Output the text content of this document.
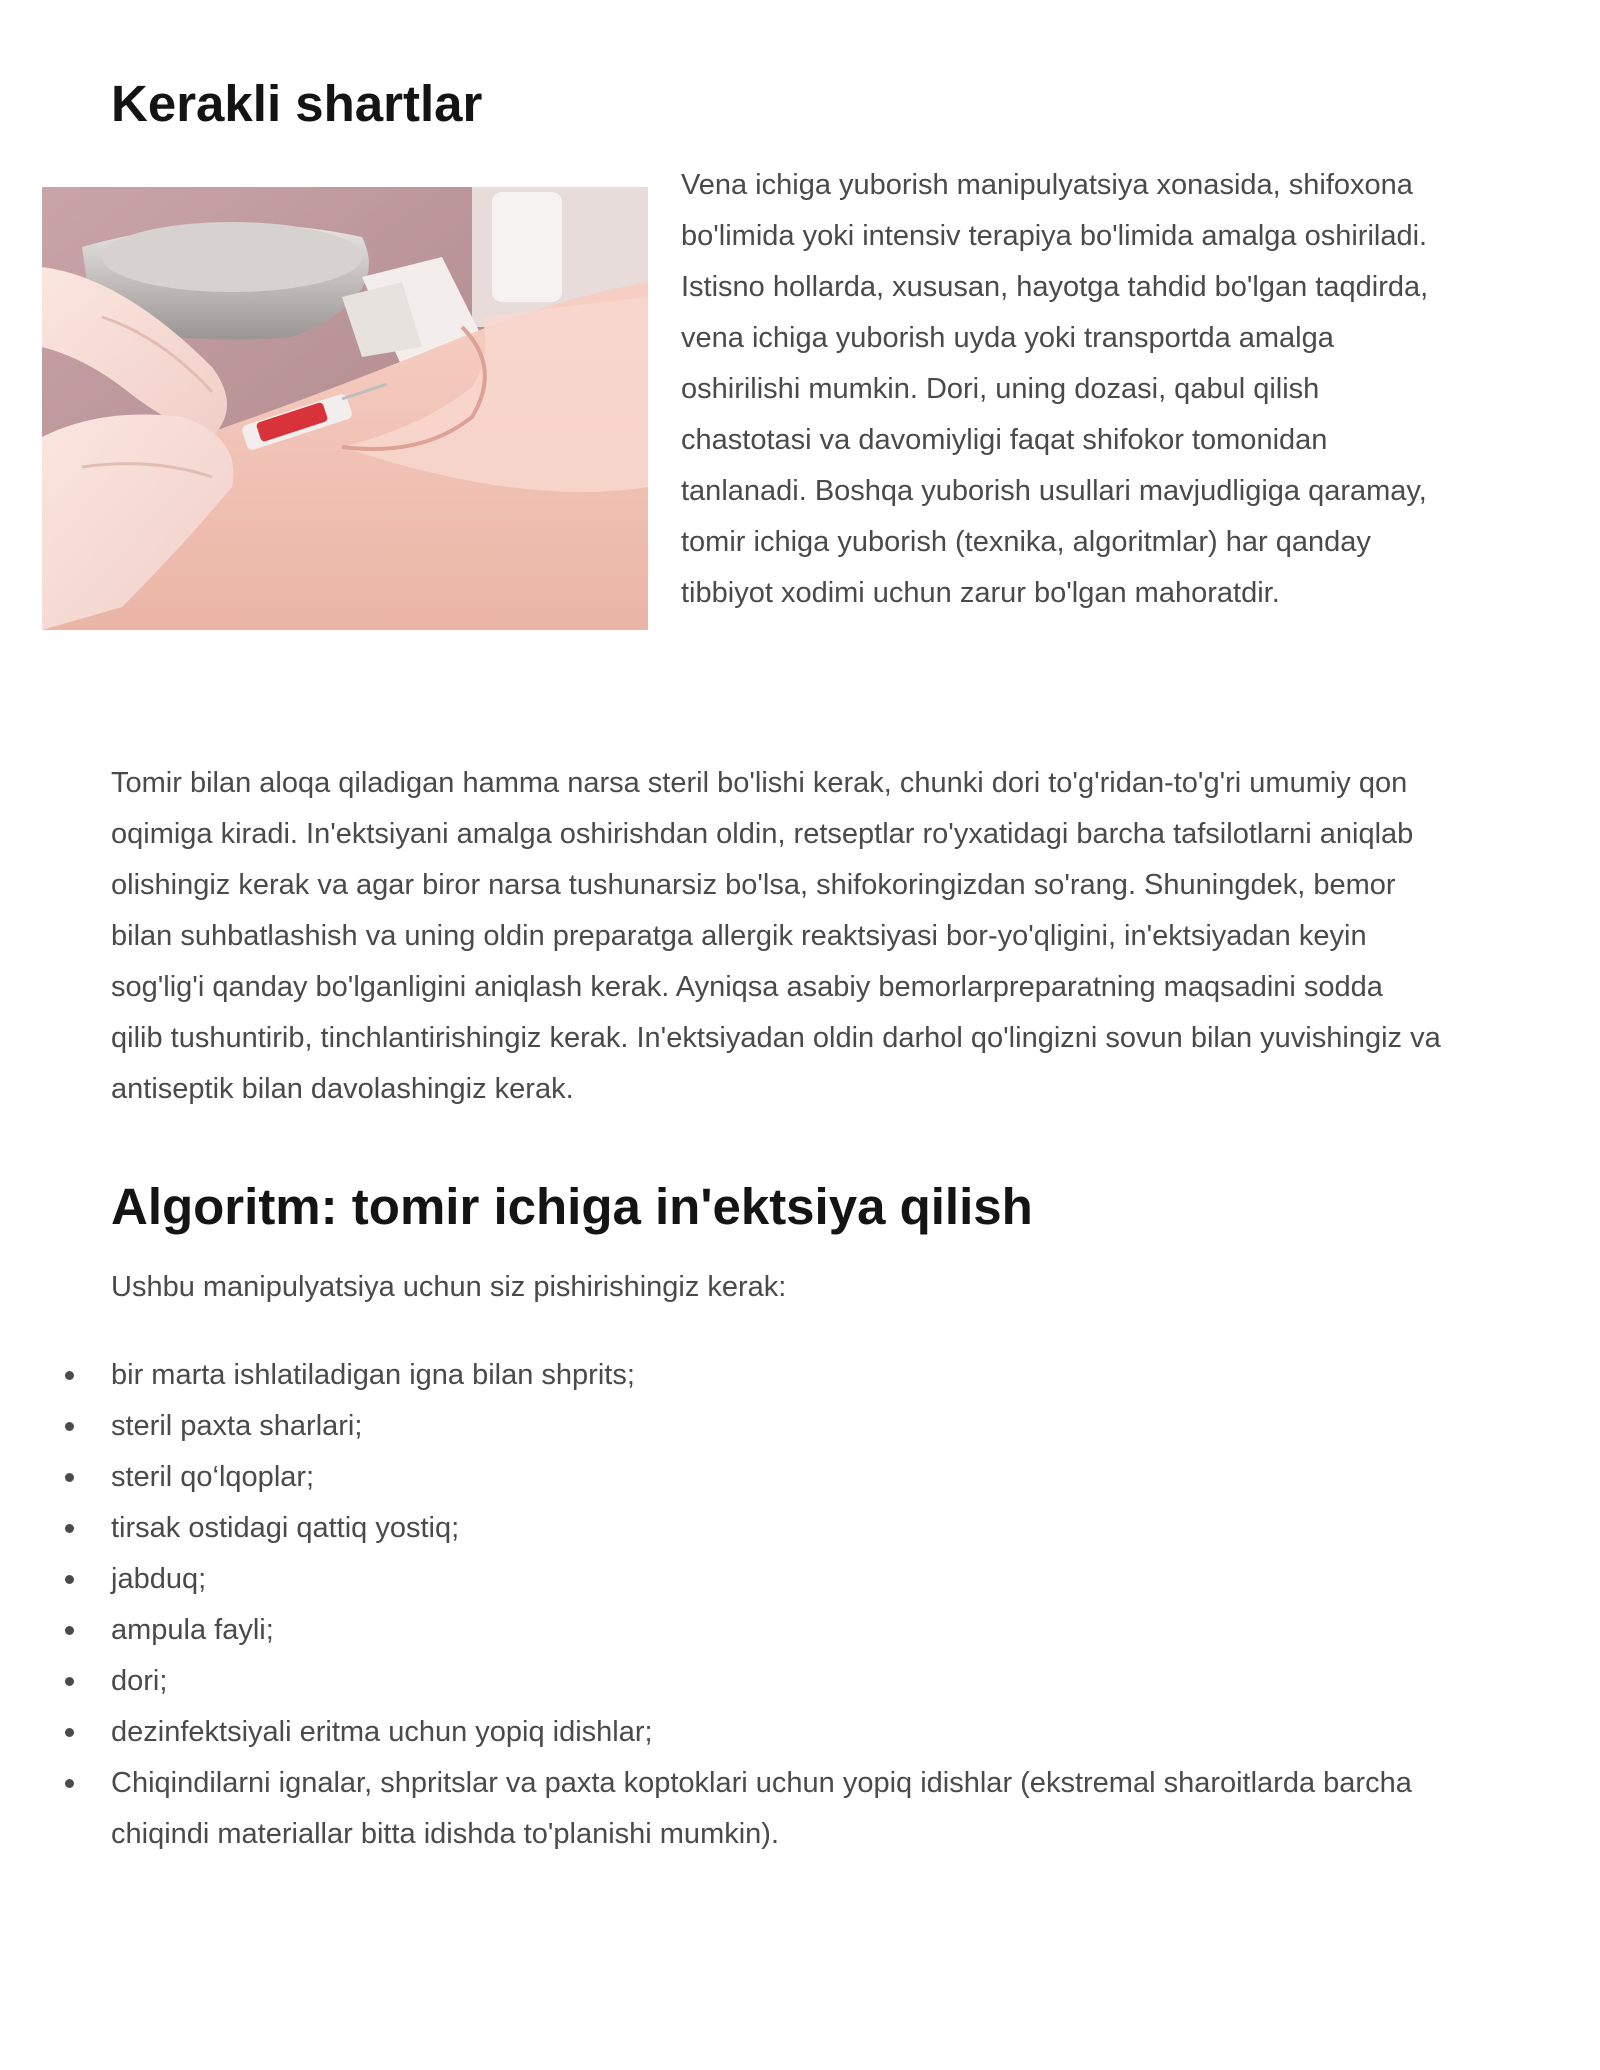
Kerakli shartlar

Vena ichiga yuborish manipulyatsiya xonasida, shifoxona bo'limida yoki intensiv terapiya bo'limida amalga oshiriladi. Istisno hollarda, xususan, hayotga tahdid bo'lgan taqdirda, vena ichiga yuborish uyda yoki transportda amalga oshirilishi mumkin. Dori, uning dozasi, qabul qilish chastotasi va davomiyligi faqat shifokor tomonidan tanlanadi. Boshqa yuborish usullari mavjudligiga qaramay, tomir ichiga yuborish (texnika, algoritmlar) har qanday tibbiyot xodimi uchun zarur bo'lgan mahoratdir.

Tomir bilan aloqa qiladigan hamma narsa steril bo'lishi kerak, chunki dori to'g'ridan-to'g'ri umumiy qon oqimiga kiradi. In'ektsiyani amalga oshirishdan oldin, retseptlar ro'yxatidagi barcha tafsilotlarni aniqlab olishingiz kerak va agar biror narsa tushunarsiz bo'lsa, shifokoringizdan so'rang. Shuningdek, bemor bilan suhbatlashish va uning oldin preparatga allergik reaktsiyasi bor-yo'qligini, in'ektsiyadan keyin sog'lig'i qanday bo'lganligini aniqlash kerak. Ayniqsa asabiy bemorlarpreparatning maqsadini sodda qilib tushuntirib, tinchlantirishingiz kerak. In'ektsiyadan oldin darhol qo'lingizni sovun bilan yuvishingiz va antiseptik bilan davolashingiz kerak.

Algoritm: tomir ichiga in'ektsiya qilish

Ushbu manipulyatsiya uchun siz pishirishingiz kerak:

bir marta ishlatiladigan igna bilan shprits;
steril paxta sharlari;
steril qo‘lqoplar;
tirsak ostidagi qattiq yostiq;
jabduq;
ampula fayli;
dori;
dezinfektsiyali eritma uchun yopiq idishlar;
Chiqindilarni ignalar, shpritslar va paxta koptoklari uchun yopiq idishlar (ekstremal sharoitlarda barcha chiqindi materiallar bitta idishda to'planishi mumkin).
